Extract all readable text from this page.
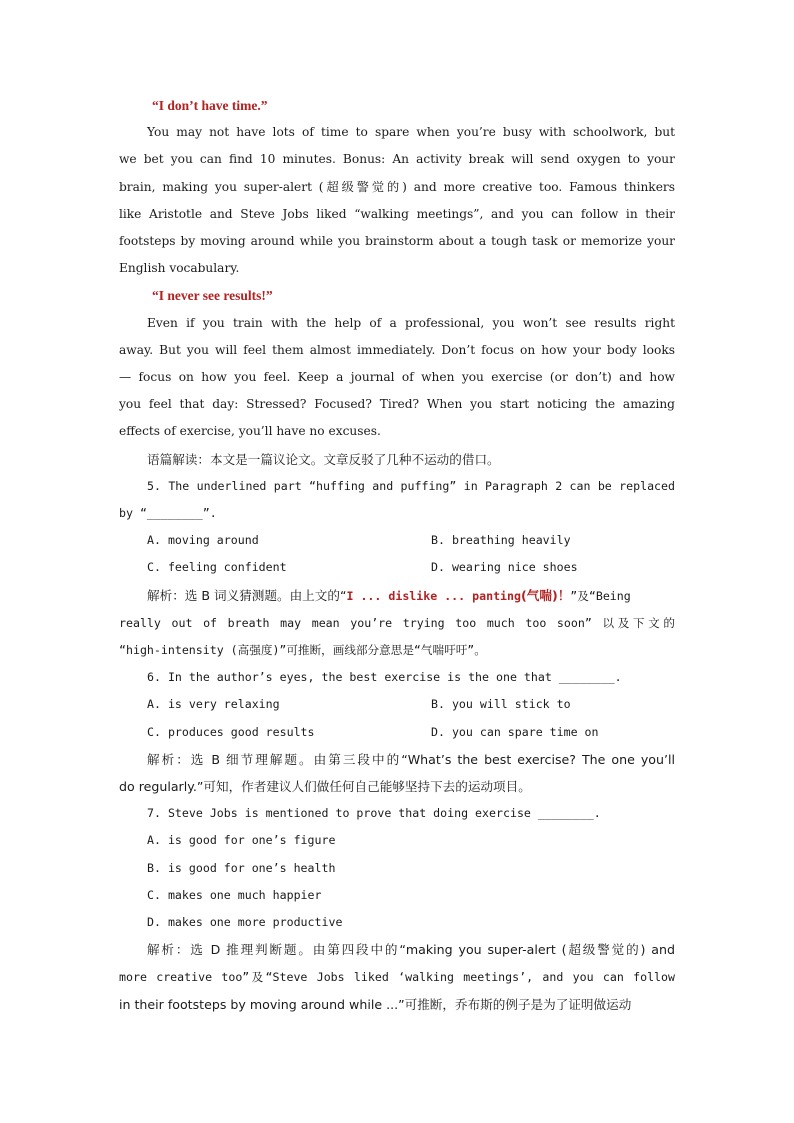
“I don’t have time.”
You may not have lots of time to spare when you’re busy with schoolwork, but
we bet you can find 10 minutes. Bonus: An activity break will send oxygen to your
brain, making you super-alert (超级警觉的) and more creative too. Famous thinkers
like Aristotle and Steve Jobs liked “walking meetings”, and you can follow in their
footsteps by moving around while you brainstorm about a tough task or memorize your
English vocabulary.
“I never see results!”
Even if you train with the help of a professional, you won’t see results right
away. But you will feel them almost immediately. Don’t focus on how your body looks
— focus on how you feel. Keep a journal of when you exercise (or don’t) and how
you feel that day: Stressed? Focused? Tired? When you start noticing the amazing
effects of exercise, you’ll have no excuses.
语篇解读：本文是一篇议论文。文章反驳了几种不运动的借口。
5. The underlined part “huffing and puffing” in Paragraph 2 can be replaced
by “________”.
A. moving around	B. breathing heavily
C. feeling confident	D. wearing nice shoes
解析：选 B 词义猜测题。由上文的“I ... dislike ... panting(气喘)！”及“Being
really out of breath may mean you’re trying too much too soon” 以及下文的
“high-intensity (高强度)”可推断，画线部分意思是“气喘吁吁”。
6. In the author’s eyes, the best exercise is the one that ________.
A. is very relaxing	B. you will stick to
C. produces good results	D. you can spare time on
解析：选 B 细节理解题。由第三段中的“What’s the best exercise? The one you’ll
do regularly.”可知，作者建议人们做任何自己能够坚持下去的运动项目。
7. Steve Jobs is mentioned to prove that doing exercise ________.
A. is good for one’s figure
B. is good for one’s health
C. makes one much happier
D. makes one more productive
解析：选 D 推理判断题。由第四段中的“making you super-alert (超级警觉的) and
more creative too”及“Steve Jobs liked ‘walking meetings’, and you can follow
in their footsteps by moving around while ...”可推断，乔布斯的例子是为了证明做运动
